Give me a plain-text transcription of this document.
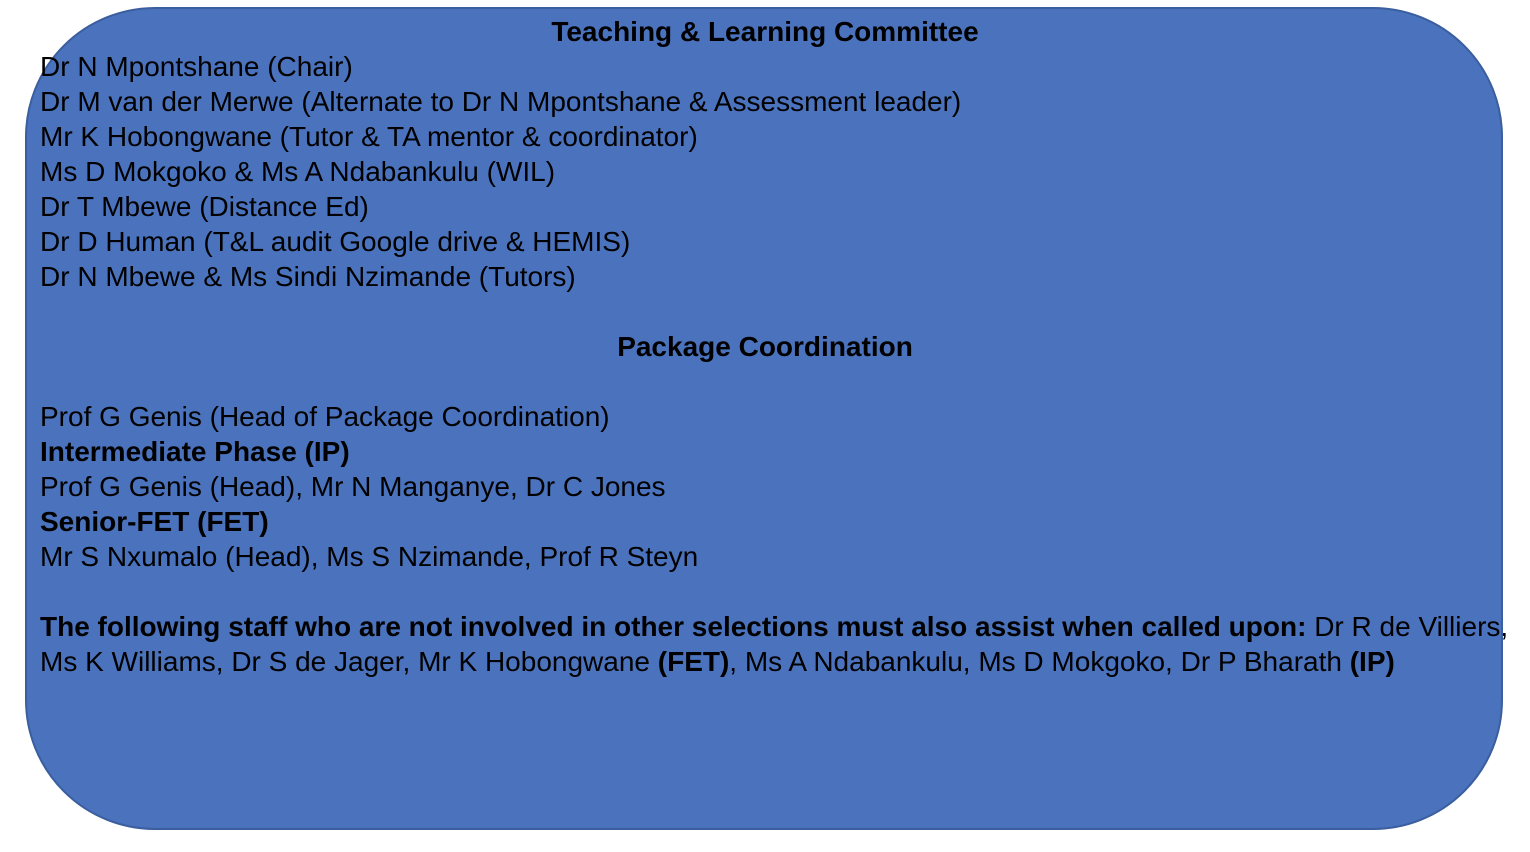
Teaching & Learning Committee
Dr N Mpontshane (Chair)
Dr M van der Merwe (Alternate to Dr N Mpontshane & Assessment leader)
Mr K Hobongwane (Tutor & TA mentor & coordinator)
Ms D Mokgoko & Ms A Ndabankulu (WIL)
Dr T Mbewe (Distance Ed)
Dr D Human (T&L audit Google drive & HEMIS)
Dr N Mbewe & Ms Sindi Nzimande (Tutors)
Package Coordination
Prof G Genis (Head of Package Coordination)
Intermediate Phase (IP)
Prof G Genis (Head), Mr N Manganye, Dr C Jones
Senior-FET (FET)
Mr S Nxumalo (Head), Ms S Nzimande, Prof R Steyn
The following staff who are not involved in other selections must also assist when called upon: Dr R de Villiers, Ms K Williams, Dr S de Jager, Mr K Hobongwane (FET), Ms A Ndabankulu, Ms D Mokgoko, Dr P Bharath (IP)
